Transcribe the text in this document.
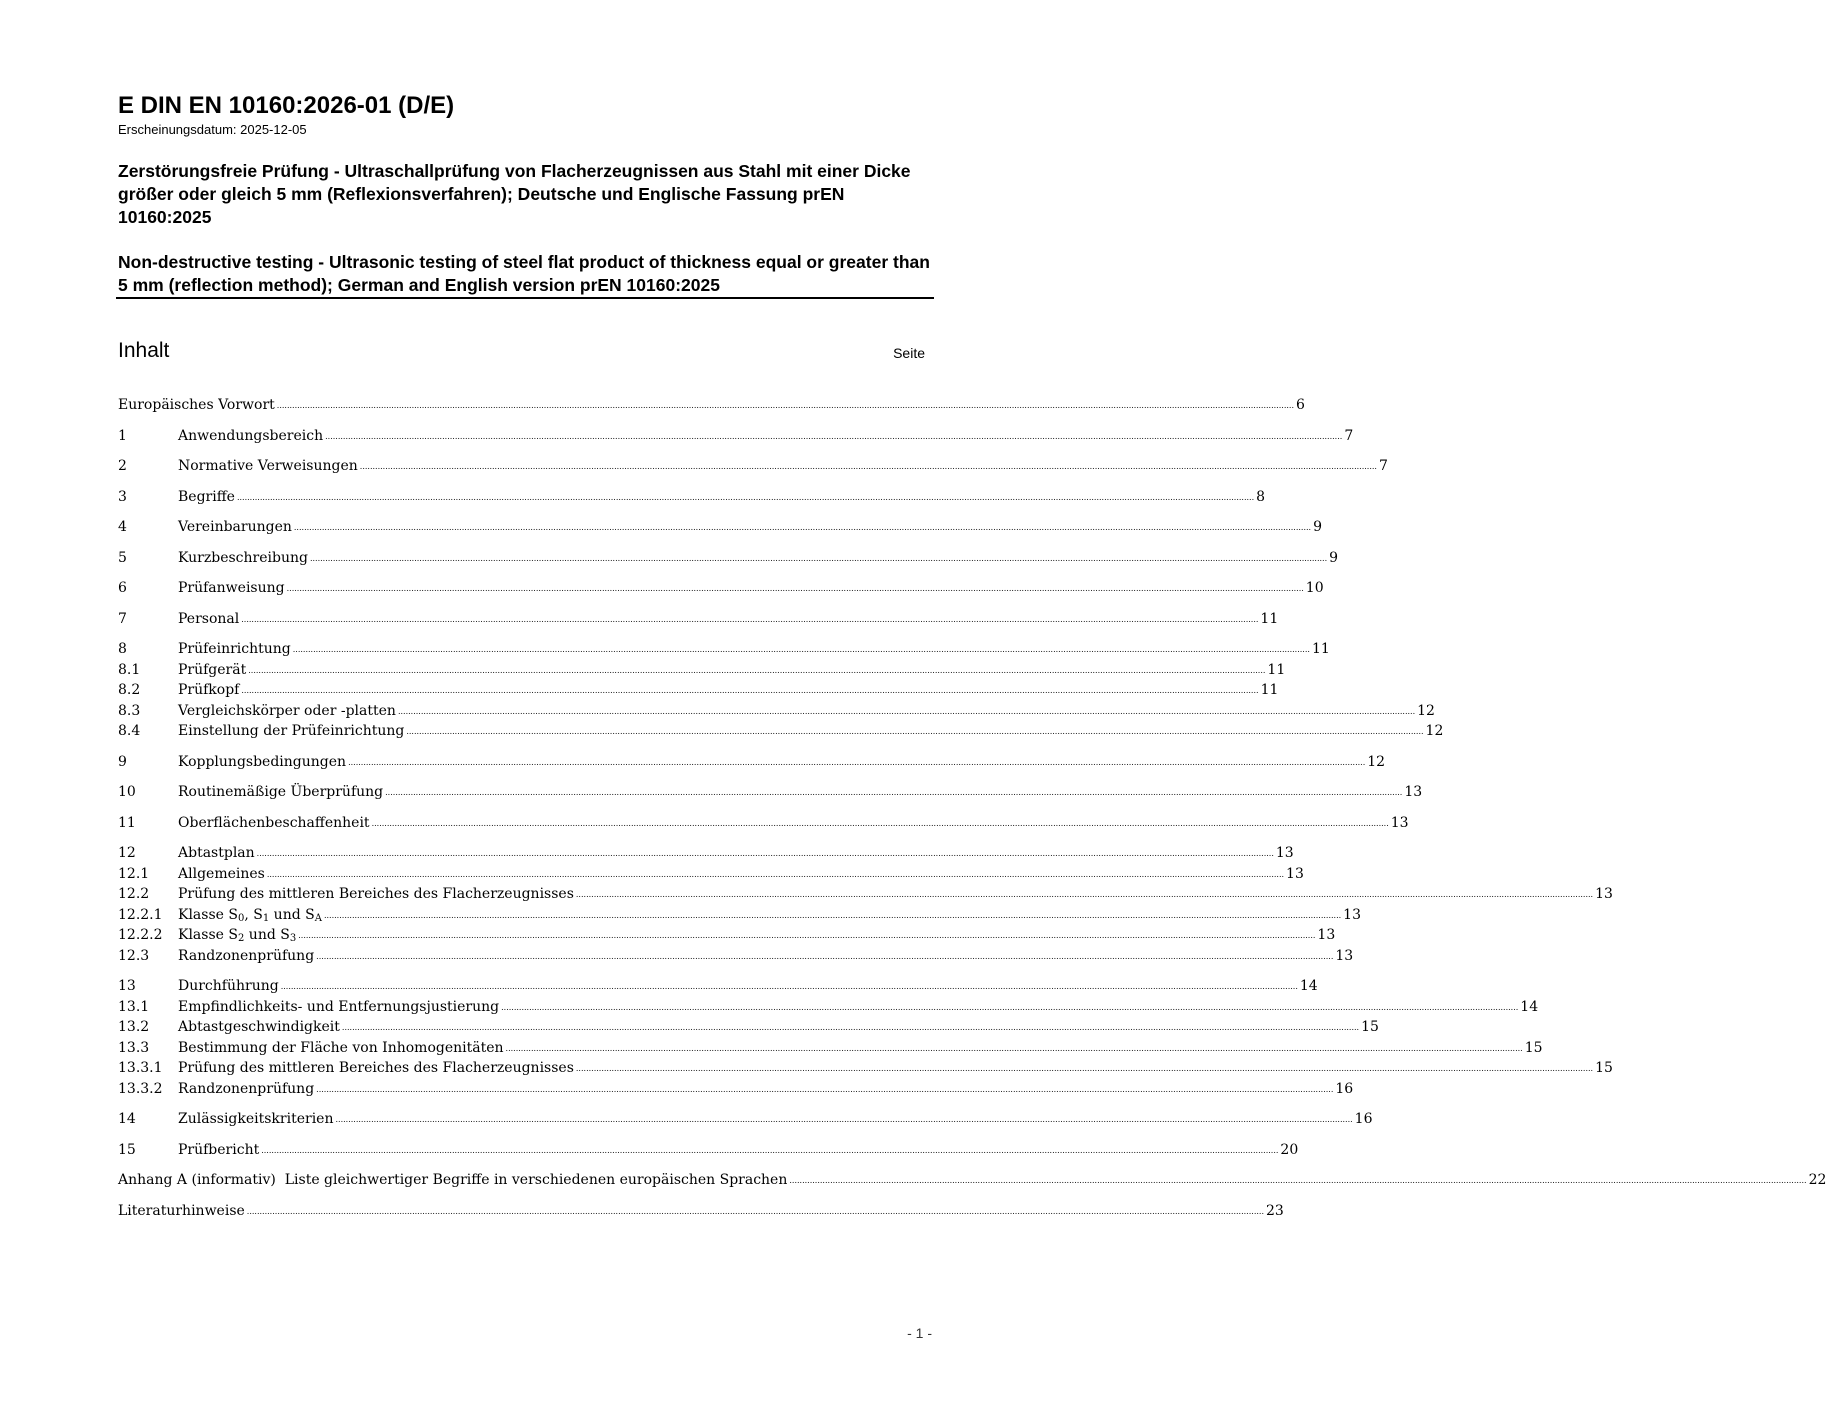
E DIN EN 10160:2026-01 (D/E)
Erscheinungsdatum: 2025-12-05
Zerstörungsfreie Prüfung - Ultraschallprüfung von Flacherzeugnissen aus Stahl mit einer Dicke größer oder gleich 5 mm (Reflexionsverfahren); Deutsche und Englische Fassung prEN 10160:2025
Non-destructive testing - Ultrasonic testing of steel flat product of thickness equal or greater than 5 mm (reflection method); German and English version prEN 10160:2025
Inhalt	Seite
Europäisches Vorwort ................................................................................................................................................................................................................................................................................................................................................................................................................ 6
1	Anwendungsbereich ................................................................................................................................................................................................................................................................................................................................................................................................................ 7
2	Normative Verweisungen ................................................................................................................................................................................................................................................................................................................................................................................................................ 7
3	Begriffe ................................................................................................................................................................................................................................................................................................................................................................................................................ 8
4	Vereinbarungen ................................................................................................................................................................................................................................................................................................................................................................................................................ 9
5	Kurzbeschreibung ................................................................................................................................................................................................................................................................................................................................................................................................................ 9
6	Prüfanweisung ................................................................................................................................................................................................................................................................................................................................................................................................................ 10
7	Personal ................................................................................................................................................................................................................................................................................................................................................................................................................ 11
8	Prüfeinrichtung ................................................................................................................................................................................................................................................................................................................................................................................................................ 11
8.1	Prüfgerät ................................................................................................................................................................................................................................................................................................................................................................................................................ 11
8.2	Prüfkopf ................................................................................................................................................................................................................................................................................................................................................................................................................ 11
8.3	Vergleichskörper oder -platten ................................................................................................................................................................................................................................................................................................................................................................................................................ 12
8.4	Einstellung der Prüfeinrichtung ................................................................................................................................................................................................................................................................................................................................................................................................................ 12
9	Kopplungsbedingungen ................................................................................................................................................................................................................................................................................................................................................................................................................ 12
10	Routinemäßige Überprüfung ................................................................................................................................................................................................................................................................................................................................................................................................................ 13
11	Oberflächenbeschaffenheit ................................................................................................................................................................................................................................................................................................................................................................................................................ 13
12	Abtastplan ................................................................................................................................................................................................................................................................................................................................................................................................................ 13
12.1	Allgemeines ................................................................................................................................................................................................................................................................................................................................................................................................................ 13
12.2	Prüfung des mittleren Bereiches des Flacherzeugnisses ................................................................................................................................................................................................................................................................................................................................................................................................................ 13
12.2.1	Klasse $S_0$, $S_1$ und $S_A$ ................................................................................................................................................................................................................................................................................................................................................................................................................ 13
12.2.2	Klasse $S_2$ und $S_3$ ................................................................................................................................................................................................................................................................................................................................................................................................................ 13
12.3	Randzonenprüfung ................................................................................................................................................................................................................................................................................................................................................................................................................ 13
13	Durchführung ................................................................................................................................................................................................................................................................................................................................................................................................................ 14
13.1	Empfindlichkeits- und Entfernungsjustierung ................................................................................................................................................................................................................................................................................................................................................................................................................ 14
13.2	Abtastgeschwindigkeit ................................................................................................................................................................................................................................................................................................................................................................................................................ 15
13.3	Bestimmung der Fläche von Inhomogenitäten ................................................................................................................................................................................................................................................................................................................................................................................................................ 15
13.3.1	Prüfung des mittleren Bereiches des Flacherzeugnisses ................................................................................................................................................................................................................................................................................................................................................................................................................ 15
13.3.2	Randzonenprüfung ................................................................................................................................................................................................................................................................................................................................................................................................................ 16
14	Zulässigkeitskriterien ................................................................................................................................................................................................................................................................................................................................................................................................................ 16
15	Prüfbericht ................................................................................................................................................................................................................................................................................................................................................................................................................ 20
Anhang A (informativ)  Liste gleichwertiger Begriffe in verschiedenen europäischen Sprachen ................................................................................................................................................................................................................................................................................................................................................................................................................ 22
Literaturhinweise ................................................................................................................................................................................................................................................................................................................................................................................................................ 23
- 1 -
